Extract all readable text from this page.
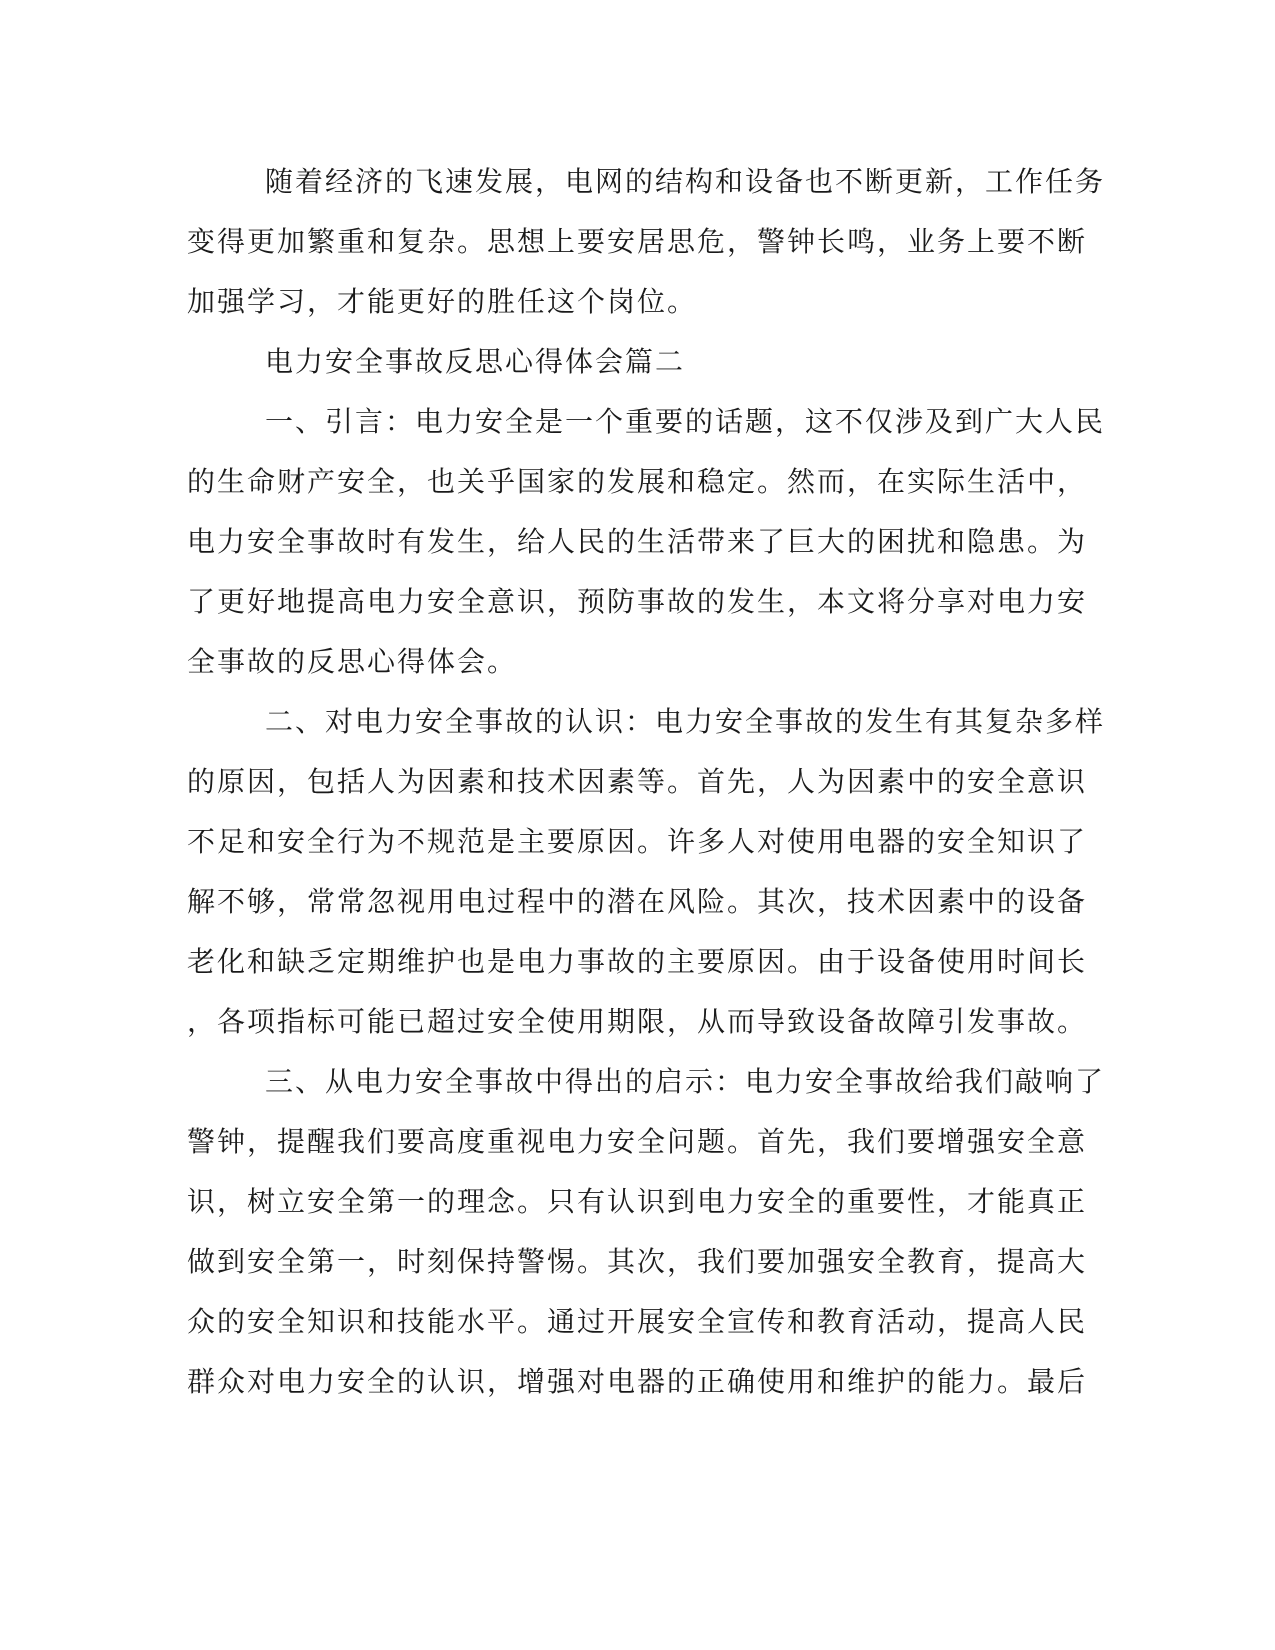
随着经济的飞速发展，电网的结构和设备也不断更新，工作任务
变得更加繁重和复杂。思想上要安居思危，警钟长鸣，业务上要不断
加强学习，才能更好的胜任这个岗位。
电力安全事故反思心得体会篇二
一、引言：电力安全是一个重要的话题，这不仅涉及到广大人民
的生命财产安全，也关乎国家的发展和稳定。然而，在实际生活中，
电力安全事故时有发生，给人民的生活带来了巨大的困扰和隐患。为
了更好地提高电力安全意识，预防事故的发生，本文将分享对电力安
全事故的反思心得体会。
二、对电力安全事故的认识：电力安全事故的发生有其复杂多样
的原因，包括人为因素和技术因素等。首先，人为因素中的安全意识
不足和安全行为不规范是主要原因。许多人对使用电器的安全知识了
解不够，常常忽视用电过程中的潜在风险。其次，技术因素中的设备
老化和缺乏定期维护也是电力事故的主要原因。由于设备使用时间长
，各项指标可能已超过安全使用期限，从而导致设备故障引发事故。
三、从电力安全事故中得出的启示：电力安全事故给我们敲响了
警钟，提醒我们要高度重视电力安全问题。首先，我们要增强安全意
识，树立安全第一的理念。只有认识到电力安全的重要性，才能真正
做到安全第一，时刻保持警惕。其次，我们要加强安全教育，提高大
众的安全知识和技能水平。通过开展安全宣传和教育活动，提高人民
群众对电力安全的认识，增强对电器的正确使用和维护的能力。最后
